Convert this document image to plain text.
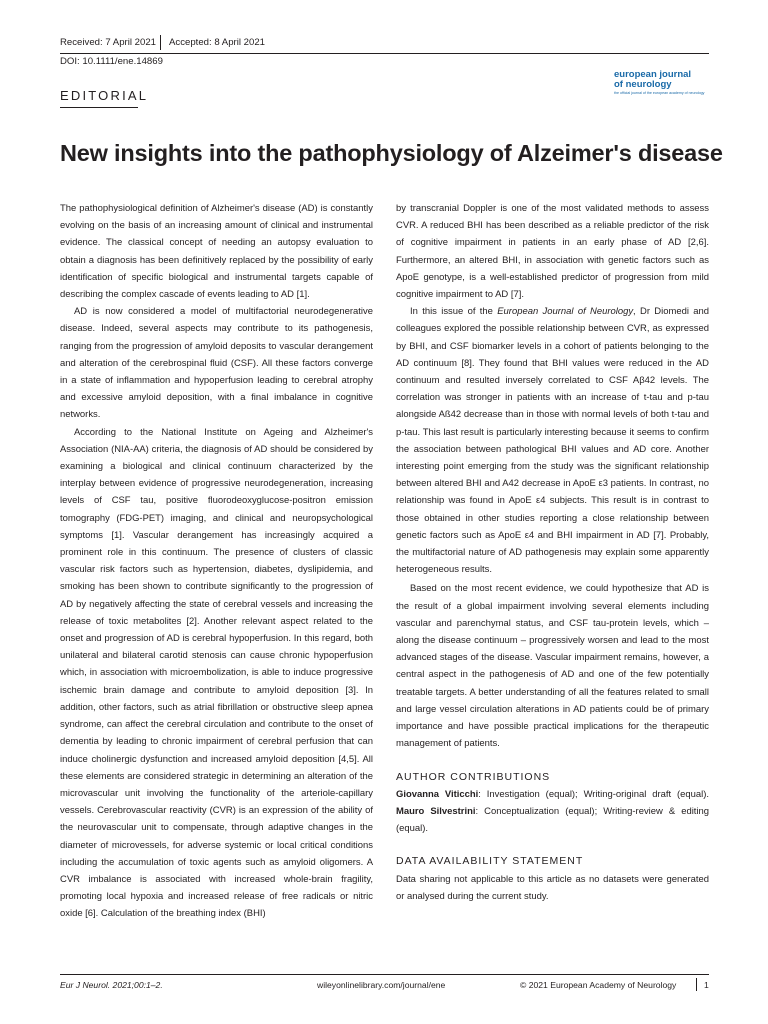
Received: 7 April 2021 Accepted: 8 April 2021
DOI: 10.1111/ene.14869
european journal
of neurology
the official journal of the european academy of neurology
EDITORIAL
New insights into the pathophysiology of Alzeimer's disease

The pathophysiological definition of Alzheimer's disease (AD) is constantly evolving on the basis of an increasing amount of clinical and instrumental evidence. The classical concept of needing an autopsy evaluation to obtain a diagnosis has been definitively replaced by the possibility of early identification of specific biological and instrumental targets capable of describing the complex cascade of events leading to AD [1].

AD is now considered a model of multifactorial neurodegenerative disease. Indeed, several aspects may contribute to its pathogenesis, ranging from the progression of amyloid deposits to vascular derangement and alteration of the cerebrospinal fluid (CSF). All these factors converge in a state of inflammation and hypoperfusion leading to cerebral atrophy and excessive amyloid deposition, with a final imbalance in cognitive networks.

According to the National Institute on Ageing and Alzheimer's Association (NIA-AA) criteria, the diagnosis of AD should be considered by examining a biological and clinical continuum characterized by the interplay between evidence of progressive neurodegeneration, increasing levels of CSF tau, positive fluorodeoxyglucose-positron emission tomography (FDG-PET) imaging, and clinical and neuropsychological symptoms [1]. Vascular derangement has increasingly acquired a prominent role in this continuum. The presence of clusters of classic vascular risk factors such as hypertension, diabetes, dyslipidemia, and smoking has been shown to contribute significantly to the progression of AD by negatively affecting the state of cerebral vessels and increasing the release of toxic metabolites [2]. Another relevant aspect related to the onset and progression of AD is cerebral hypoperfusion. In this regard, both unilateral and bilateral carotid stenosis can cause chronic hypoperfusion which, in association with microembolization, is able to induce progressive ischemic brain damage and contribute to amyloid deposition [3]. In addition, other factors, such as atrial fibrillation or obstructive sleep apnea syndrome, can affect the cerebral circulation and contribute to the onset of dementia by leading to chronic impairment of cerebral perfusion that can induce cholinergic dysfunction and increased amyloid deposition [4,5]. All these elements are considered strategic in determining an alteration of the microvascular unit involving the functionality of the arteriole-capillary vessels. Cerebrovascular reactivity (CVR) is an expression of the ability of the neurovascular unit to compensate, through adaptive changes in the diameter of microvessels, for adverse systemic or local critical conditions including the accumulation of toxic agents such as amyloid oligomers. A CVR imbalance is associated with increased whole-brain fragility, promoting local hypoxia and increased release of free radicals or nitric oxide [6]. Calculation of the breathing index (BHI)

by transcranial Doppler is one of the most validated methods to assess CVR. A reduced BHI has been described as a reliable predictor of the risk of cognitive impairment in patients in an early phase of AD [2,6]. Furthermore, an altered BHI, in association with genetic factors such as ApoE genotype, is a well-established predictor of progression from mild cognitive impairment to AD [7].

In this issue of the European Journal of Neurology, Dr Diomedi and colleagues explored the possible relationship between CVR, as expressed by BHI, and CSF biomarker levels in a cohort of patients belonging to the AD continuum [8]. They found that BHI values were reduced in the AD continuum and resulted inversely correlated to CSF Aβ42 levels. The correlation was stronger in patients with an increase of t-tau and p-tau alongside Aß42 decrease than in those with normal levels of both t-tau and p-tau. This last result is particularly interesting because it seems to confirm the association between pathological BHI values and AD core. Another interesting point emerging from the study was the significant relationship between altered BHI and A42 decrease in ApoE ε3 patients. In contrast, no relationship was found in ApoE ε4 subjects. This result is in contrast to those obtained in other studies reporting a close relationship between genetic factors such as ApoE ε4 and BHI impairment in AD [7]. Probably, the multifactorial nature of AD pathogenesis may explain some apparently heterogeneous results.

Based on the most recent evidence, we could hypothesize that AD is the result of a global impairment involving several elements including vascular and parenchymal status, and CSF tau-protein levels, which – along the disease continuum – progressively worsen and lead to the most advanced stages of the disease. Vascular impairment remains, however, a central aspect in the pathogenesis of AD and one of the few potentially treatable targets. A better understanding of all the features related to small and large vessel circulation alterations in AD patients could be of primary importance and have possible practical implications for the therapeutic management of patients.

AUTHOR CONTRIBUTIONS

Giovanna Viticchi: Investigation (equal); Writing-original draft (equal). Mauro Silvestrini: Conceptualization (equal); Writing-review & editing (equal).

DATA AVAILABILITY STATEMENT

Data sharing not applicable to this article as no datasets were generated or analysed during the current study.

Eur J Neurol. 2021;00:1–2.	wileyonlinelibrary.com/journal/ene	© 2021 European Academy of Neurology	1
